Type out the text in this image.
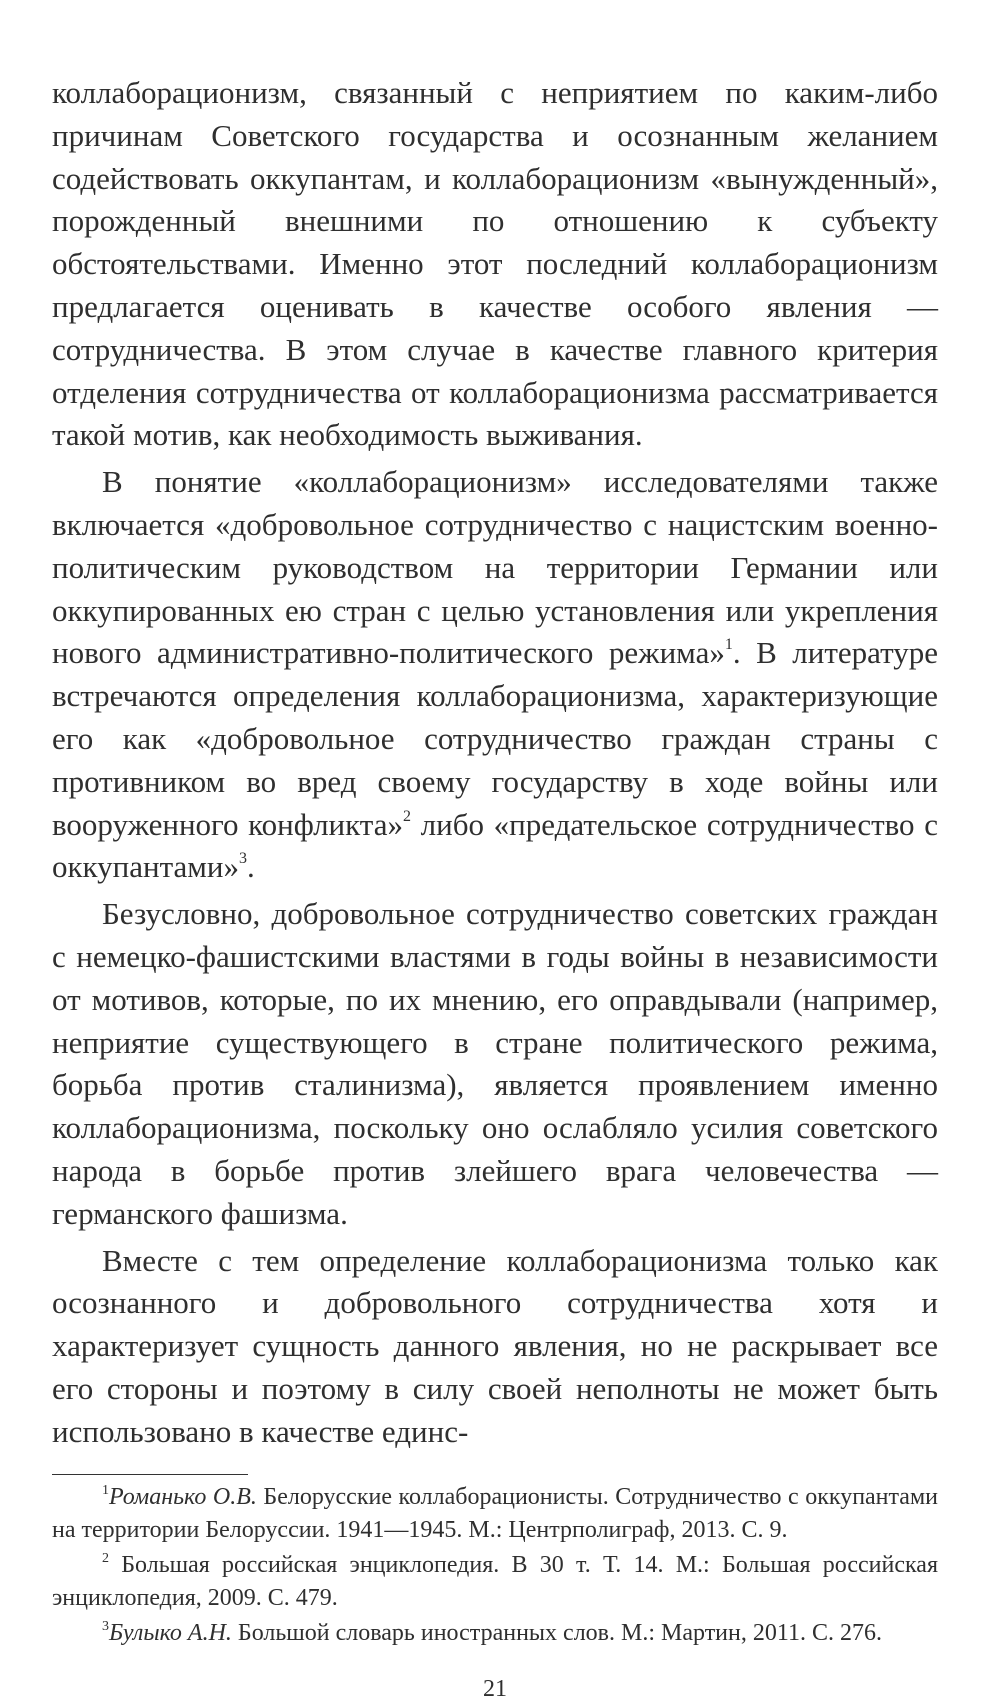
коллаборационизм, связанный с неприятием по каким-либо причинам Советского государства и осознанным желанием содействовать оккупантам, и коллаборационизм «вынужденный», порожденный внешними по отношению к субъекту обстоятельствами. Именно этот последний коллаборационизм предлагается оценивать в качестве особого явления — сотрудничества. В этом случае в качестве главного критерия отделения сотрудничества от коллаборационизма рассматривается такой мотив, как необходимость выживания.

В понятие «коллаборационизм» исследователями также включается «добровольное сотрудничество с нацистским военно-политическим руководством на территории Германии или оккупированных ею стран с целью установления или укрепления нового административно-политического режима»$^1$. В литературе встречаются определения коллаборационизма, характеризующие его как «добровольное сотрудничество граждан страны с противником во вред своему государству в ходе войны или вооруженного конфликта»$^2$ либо «предательское сотрудничество с оккупантами»$^3$.

Безусловно, добровольное сотрудничество советских граждан с немецко-фашистскими властями в годы войны в независимости от мотивов, которые, по их мнению, его оправдывали (например, неприятие существующего в стране политического режима, борьба против сталинизма), является проявлением именно коллаборационизма, поскольку оно ослабляло усилия советского народа в борьбе против злейшего врага человечества — германского фашизма.

Вместе с тем определение коллаборационизма только как осознанного и добровольного сотрудничества хотя и характеризует сущность данного явления, но не раскрывает все его стороны и поэтому в силу своей неполноты не может быть использовано в качестве единс-

$^1$Романько О.В. Белорусские коллаборационисты. Сотрудничество с оккупантами на территории Белоруссии. 1941—1945. М.: Центрполиграф, 2013. С. 9.

$^2$ Большая российская энциклопедия. В 30 т. Т. 14. М.: Большая российская энциклопедия, 2009. С. 479.

$^3$Булыко А.Н. Большой словарь иностранных слов. М.: Мартин, 2011. С. 276.

21
